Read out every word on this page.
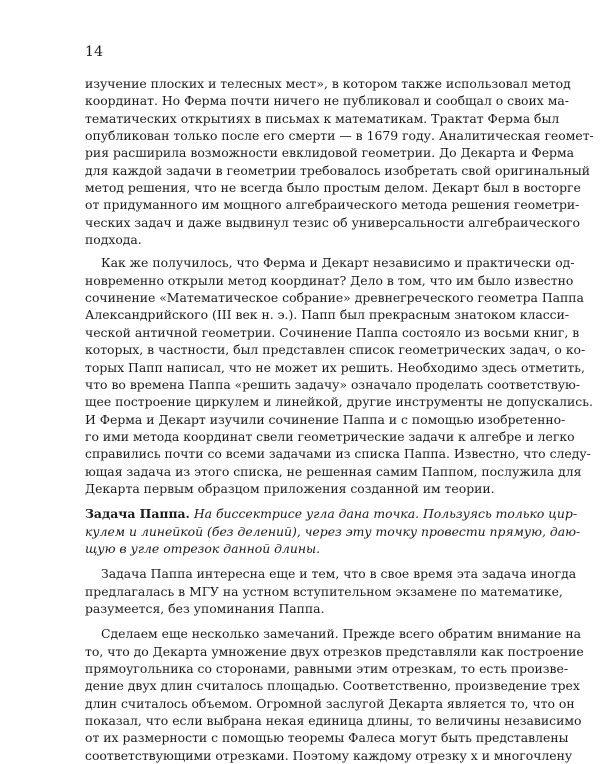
14
изучение плоских и телесных мест», в котором также использовал метод
координат. Но Ферма почти ничего не публиковал и сообщал о своих ма-
тематических открытиях в письмах к математикам. Трактат Ферма был
опубликован только после его смерти — в 1679 году. Аналитическая геомет-
рия расширила возможности евклидовой геометрии. До Декарта и Ферма
для каждой задачи в геометрии требовалось изобретать свой оригинальный
метод решения, что не всегда было простым делом. Декарт был в восторге
от придуманного им мощного алгебраического метода решения геометри-
ческих задач и даже выдвинул тезис об универсальности алгебраического
подхода.
Как же получилось, что Ферма и Декарт независимо и практически од-
новременно открыли метод координат? Дело в том, что им было известно
сочинение «Математическое собрание» древнегреческого геометра Паппа
Александрийского (III век н. э.). Папп был прекрасным знатоком класси-
ческой античной геометрии. Сочинение Паппа состояло из восьми книг, в
которых, в частности, был представлен список геометрических задач, о ко-
торых Папп написал, что не может их решить. Необходимо здесь отметить,
что во времена Паппа «решить задачу» означало проделать соответствую-
щее построение циркулем и линейкой, другие инструменты не допускались.
И Ферма и Декарт изучили сочинение Паппа и с помощью изобретенно-
го ими метода координат свели геометрические задачи к алгебре и легко
справились почти со всеми задачами из списка Паппа. Известно, что следу-
ющая задача из этого списка, не решенная самим Паппом, послужила для
Декарта первым образцом приложения созданной им теории.
Задача Паппа. На биссектрисе угла дана точка. Пользуясь только цир-
кулем и линейкой (без делений), через эту точку провести прямую, даю-
щую в угле отрезок данной длины.
Задача Паппа интересна еще и тем, что в свое время эта задача иногда
предлагалась в МГУ на устном вступительном экзамене по математике,
разумеется, без упоминания Паппа.
Сделаем еще несколько замечаний. Прежде всего обратим внимание на
то, что до Декарта умножение двух отрезков представляли как построение
прямоугольника со сторонами, равными этим отрезкам, то есть произве-
дение двух длин считалось площадью. Соответственно, произведение трех
длин считалось объемом. Огромной заслугой Декарта является то, что он
показал, что если выбрана некая единица длины, то величины независимо
от их размерности с помощью теоремы Фалеса могут быть представлены
соответствующими отрезками. Поэтому каждому отрезку x и многочлену
